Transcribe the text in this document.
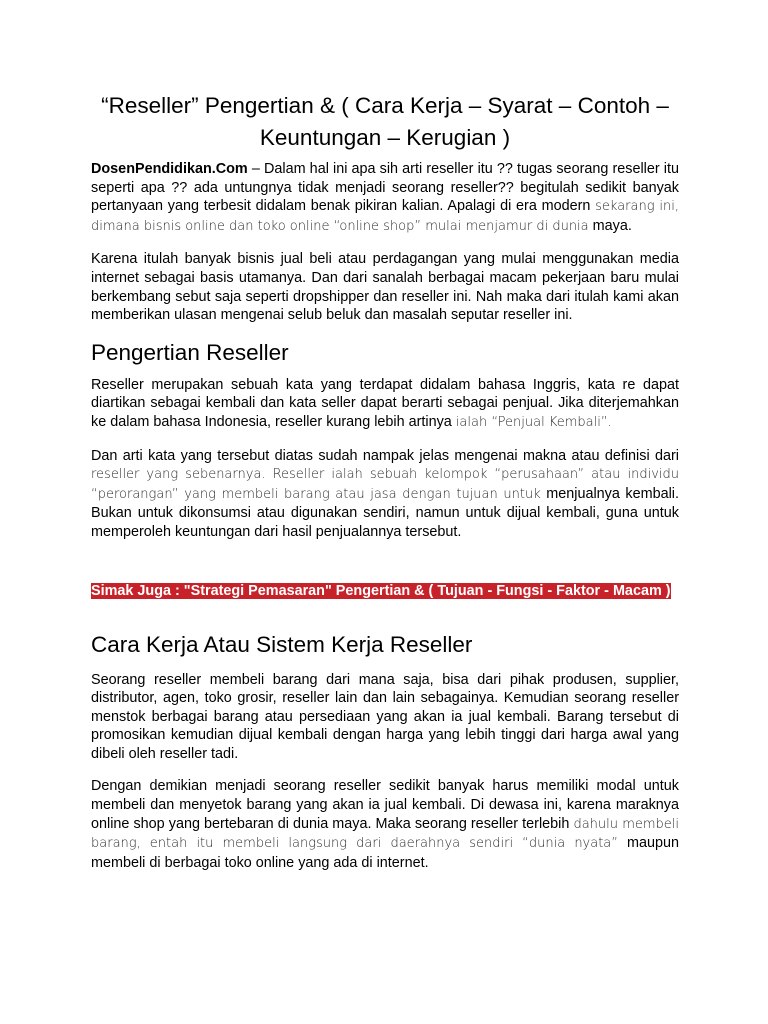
“Reseller” Pengertian & ( Cara Kerja – Syarat – Contoh – Keuntungan – Kerugian )

DosenPendidikan.Com – Dalam hal ini apa sih arti reseller itu ?? tugas seorang reseller itu seperti apa ?? ada untungnya tidak menjadi seorang reseller?? begitulah sedikit banyak pertanyaan yang terbesit didalam benak pikiran kalian. Apalagi di era modern sekarang ini, dimana bisnis online dan toko online “online shop” mulai menjamur di dunia maya.

Karena itulah banyak bisnis jual beli atau perdagangan yang mulai menggunakan media internet sebagai basis utamanya. Dan dari sanalah berbagai macam pekerjaan baru mulai berkembang sebut saja seperti dropshipper dan reseller ini. Nah maka dari itulah kami akan memberikan ulasan mengenai selub beluk dan masalah seputar reseller ini.

Pengertian Reseller

Reseller merupakan sebuah kata yang terdapat didalam bahasa Inggris, kata re dapat diartikan sebagai kembali dan kata seller dapat berarti sebagai penjual. Jika diterjemahkan ke dalam bahasa Indonesia, reseller kurang lebih artinya ialah “Penjual Kembali”.

Dan arti kata yang tersebut diatas sudah nampak jelas mengenai makna atau definisi dari reseller yang sebenarnya. Reseller ialah sebuah kelompok “perusahaan” atau individu “perorangan” yang membeli barang atau jasa dengan tujuan untuk menjualnya kembali. Bukan untuk dikonsumsi atau digunakan sendiri, namun untuk dijual kembali, guna untuk memperoleh keuntungan dari hasil penjualannya tersebut.

Simak Juga : "Strategi Pemasaran" Pengertian & ( Tujuan - Fungsi - Faktor - Macam )
Cara Kerja Atau Sistem Kerja Reseller

Seorang reseller membeli barang dari mana saja, bisa dari pihak produsen, supplier, distributor, agen, toko grosir, reseller lain dan lain sebagainya. Kemudian seorang reseller menstok berbagai barang atau persediaan yang akan ia jual kembali. Barang tersebut di promosikan kemudian dijual kembali dengan harga yang lebih tinggi dari harga awal yang dibeli oleh reseller tadi.

Dengan demikian menjadi seorang reseller sedikit banyak harus memiliki modal untuk membeli dan menyetok barang yang akan ia jual kembali. Di dewasa ini, karena maraknya online shop yang bertebaran di dunia maya. Maka seorang reseller terlebih dahulu membeli barang, entah itu membeli langsung dari daerahnya sendiri “dunia nyata” maupun membeli di berbagai toko online yang ada di internet.
